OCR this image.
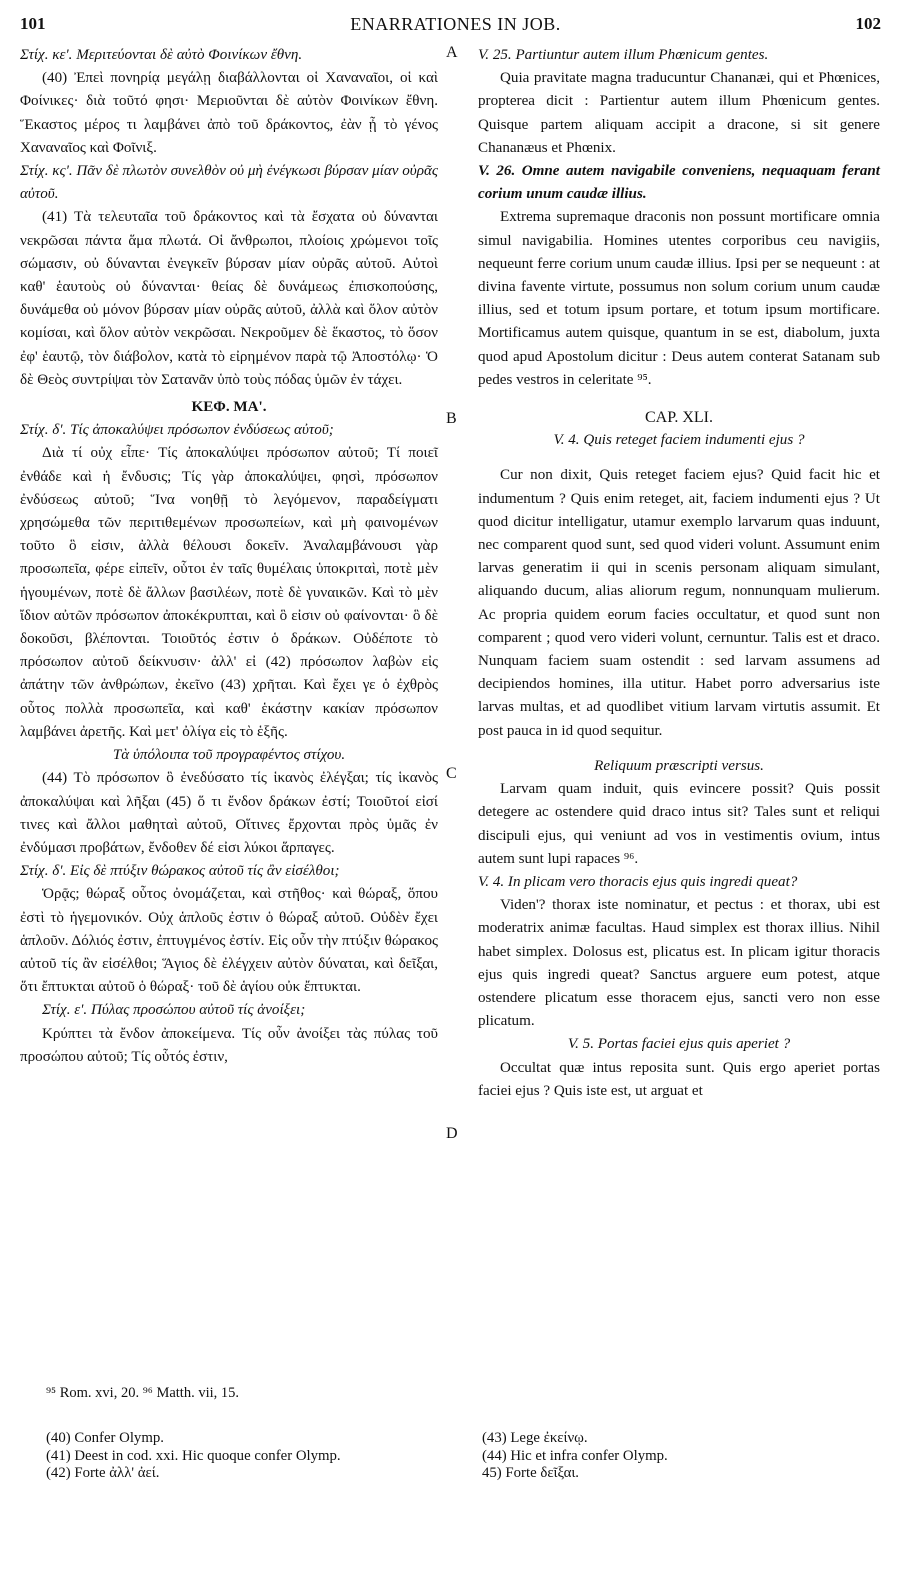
101	ENARRATIONES IN JOB.	102
A
B
C
D

Στίχ. κε'. Μεριτεύονται δὲ αὐτὸ Φοινίκων ἔθνη.

(40) Ἐπεὶ πονηρίᾳ μεγάλῃ διαβάλλονται οἱ Χαναναῖοι, οἱ καὶ Φοίνικες· διὰ τοῦτό φησι· Μεριοῦνται δὲ αὐτὸν Φοινίκων ἔθνη. Ἕκαστος μέρος τι λαμβάνει ἀπὸ τοῦ δράκοντος, ἐὰν ᾖ τὸ γένος Χαναναῖος καὶ Φοῖνιξ.

Στίχ. κς'. Πᾶν δὲ πλωτὸν συνελθὸν οὐ μὴ ἐνέγκωσι βύρσαν μίαν οὐρᾶς αὐτοῦ.

(41) Τὰ τελευταῖα τοῦ δράκοντος καὶ τὰ ἔσχατα οὐ δύνανται νεκρῶσαι πάντα ἅμα πλωτά. Οἱ ἄνθρωποι, πλοίοις χρώμενοι τοῖς σώμασιν, οὐ δύνανται ἐνεγκεῖν βύρσαν μίαν οὐρᾶς αὐτοῦ. Αὐτοὶ καθ' ἑαυτοὺς οὐ δύνανται· θείας δὲ δυνάμεως ἐπισκοπούσης, δυνάμεθα οὐ μόνον βύρσαν μίαν οὐρᾶς αὐτοῦ, ἀλλὰ καὶ ὅλον αὐτὸν κομίσαι, καὶ ὅλον αὐτὸν νεκρῶσαι. Νεκροῦμεν δὲ ἕκαστος, τὸ ὅσον ἐφ' ἑαυτῷ, τὸν διάβολον, κατὰ τὸ εἰρημένον παρὰ τῷ Ἀποστόλῳ· Ὁ δὲ Θεὸς συντρίψαι τὸν Σατανᾶν ὑπὸ τοὺς πόδας ὑμῶν ἐν τάχει.

ΚΕΦ. ΜΑ'.

Στίχ. δ'. Τίς ἀποκαλύψει πρόσωπον ἐνδύσεως αὐτοῦ;

Διὰ τί οὐχ εἶπε· Τίς ἀποκαλύψει πρόσωπον αὐτοῦ; Τί ποιεῖ ἐνθάδε καὶ ἡ ἔνδυσις; Τίς γὰρ ἀποκαλύψει, φησὶ, πρόσωπον ἐνδύσεως αὐτοῦ; Ἵνα νοηθῇ τὸ λεγόμενον, παραδείγματι χρησώμεθα τῶν περιτιθεμένων προσωπείων, καὶ μὴ φαινομένων τοῦτο ὃ εἰσιν, ἀλλὰ θέλουσι δοκεῖν. Ἀναλαμβάνουσι γὰρ προσωπεῖα, φέρε εἰπεῖν, οὗτοι ἐν ταῖς θυμέλαις ὑποκριταὶ, ποτὲ μὲν ἡγουμένων, ποτὲ δὲ ἄλλων βασιλέων, ποτὲ δὲ γυναικῶν. Καὶ τὸ μὲν ἴδιον αὐτῶν πρόσωπον ἀποκέκρυπται, καὶ ὃ εἰσιν οὐ φαίνονται· ὃ δὲ δοκοῦσι, βλέπονται. Τοιοῦτός ἐστιν ὁ δράκων. Οὐδέποτε τὸ πρόσωπον αὐτοῦ δείκνυσιν· ἀλλ' εἰ (42) πρόσωπον λαβὼν εἰς ἀπάτην τῶν ἀνθρώπων, ἐκεῖνο (43) χρῆται. Καὶ ἔχει γε ὁ ἐχθρὸς οὗτος πολλὰ προσωπεῖα, καὶ καθ' ἑκάστην κακίαν πρόσωπον λαμβάνει ἀρετῆς. Καὶ μετ' ὀλίγα εἰς τὸ ἑξῆς.

Τὰ ὑπόλοιπα τοῦ προγραφέντος στίχου.

(44) Τὸ πρόσωπον ὃ ἐνεδύσατο τίς ἱκανὸς ἐλέγξαι; τίς ἱκανὸς ἀποκαλύψαι καὶ λῆξαι (45) ὅ τι ἔνδον δράκων ἐστί; Τοιοῦτοί εἰσί τινες καὶ ἄλλοι μαθηταὶ αὐτοῦ, Οἵτινες ἔρχονται πρὸς ὑμᾶς ἐν ἐνδύμασι προβάτων, ἔνδοθεν δέ εἰσι λύκοι ἅρπαγες.

Στίχ. δ'. Εἰς δὲ πτύξιν θώρακος αὐτοῦ τίς ἂν εἰσέλθοι;

Ὁρᾷς; θώραξ οὗτος ὀνομάζεται, καὶ στῆθος· καὶ θώραξ, ὅπου ἐστὶ τὸ ἡγεμονικόν. Οὐχ ἁπλοῦς ἐστιν ὁ θώραξ αὐτοῦ. Οὐδὲν ἔχει ἁπλοῦν. Δόλιός ἐστιν, ἐπτυγμένος ἐστίν. Εἰς οὖν τὴν πτύξιν θώρακος αὐτοῦ τίς ἂν εἰσέλθοι; Ἅγιος δὲ ἐλέγχειν αὐτὸν δύναται, καὶ δεῖξαι, ὅτι ἔπτυκται αὐτοῦ ὁ θώραξ· τοῦ δὲ ἁγίου οὐκ ἔπτυκται.

Στίχ. ε'. Πύλας προσώπου αὐτοῦ τίς ἀνοίξει;

Κρύπτει τὰ ἔνδον ἀποκείμενα. Τίς οὖν ἀνοίξει τὰς πύλας τοῦ προσώπου αὐτοῦ; Τίς οὗτός ἐστιν,

V. 25. Partiuntur autem illum Phœnicum gentes.

Quia pravitate magna traducuntur Chananæi, qui et Phœnices, propterea dicit : Partientur autem illum Phœnicum gentes. Quisque partem aliquam accipit a dracone, si sit genere Chananæus et Phœnix.

V. 26. Omne autem navigabile conveniens, nequaquam ferant corium unum caudæ illius.

Extrema supremaque draconis non possunt mortificare omnia simul navigabilia. Homines utentes corporibus ceu navigiis, nequeunt ferre corium unum caudæ illius. Ipsi per se nequeunt : at divina favente virtute, possumus non solum corium unum caudæ illius, sed et totum ipsum portare, et totum ipsum mortificare. Mortificamus autem quisque, quantum in se est, diabolum, juxta quod apud Apostolum dicitur : Deus autem conterat Satanam sub pedes vestros in celeritate ⁹⁵.

CAP. XLI.

V. 4. Quis reteget faciem indumenti ejus ?

Cur non dixit, Quis reteget faciem ejus? Quid facit hic et indumentum ? Quis enim reteget, ait, faciem indumenti ejus ? Ut quod dicitur intelligatur, utamur exemplo larvarum quas induunt, nec comparent quod sunt, sed quod videri volunt. Assumunt enim larvas generatim ii qui in scenis personam aliquam simulant, aliquando ducum, alias aliorum regum, nonnunquam mulierum. Ac propria quidem eorum facies occultatur, et quod sunt non comparent ; quod vero videri volunt, cernuntur. Talis est et draco. Nunquam faciem suam ostendit : sed larvam assumens ad decipiendos homines, illa utitur. Habet porro adversarius iste larvas multas, et ad quodlibet vitium larvam virtutis assumit. Et post pauca in id quod sequitur.

Reliquum præscripti versus.

Larvam quam induit, quis evincere possit? Quis possit detegere ac ostendere quid draco intus sit? Tales sunt et reliqui discipuli ejus, qui veniunt ad vos in vestimentis ovium, intus autem sunt lupi rapaces ⁹⁶.

V. 4. In plicam vero thoracis ejus quis ingredi queat?

Viden'? thorax iste nominatur, et pectus : et thorax, ubi est moderatrix animæ facultas. Haud simplex est thorax illius. Nihil habet simplex. Dolosus est, plicatus est. In plicam igitur thoracis ejus quis ingredi queat? Sanctus arguere eum potest, atque ostendere plicatum esse thoracem ejus, sancti vero non esse plicatum.

V. 5. Portas faciei ejus quis aperiet ?

Occultat quæ intus reposita sunt. Quis ergo aperiet portas faciei ejus ? Quis iste est, ut arguat et

⁹⁵ Rom. xvi, 20. ⁹⁶ Matth. vii, 15.
(40) Confer Olymp.
(41) Deest in cod. xxi. Hic quoque confer Olymp.
(42) Forte ἀλλ' ἀεί.
(43) Lege ἐκείνῳ.
(44) Hic et infra confer Olymp.
45) Forte δεῖξαι.
